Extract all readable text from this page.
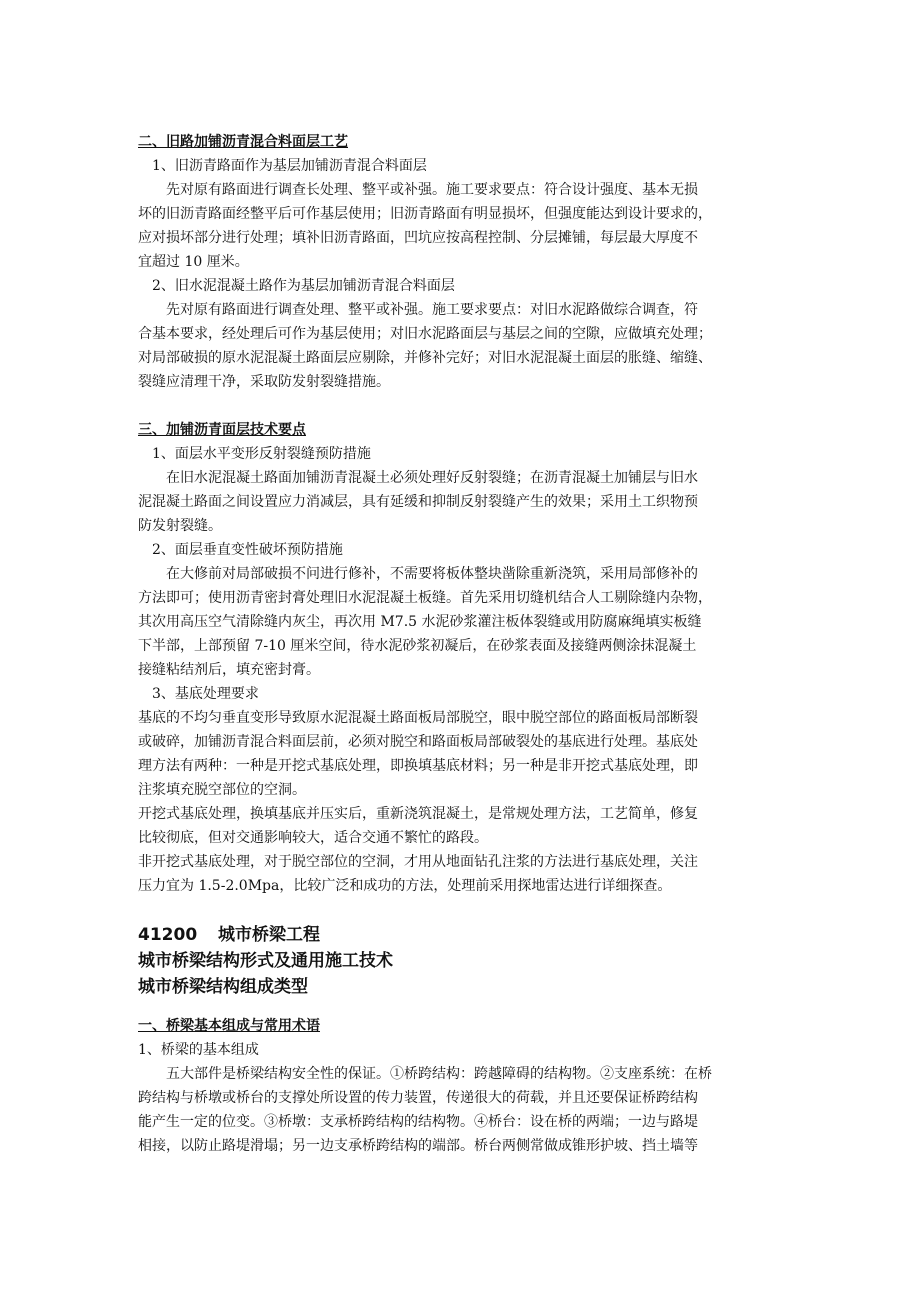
二、旧路加铺沥青混合料面层工艺
1、旧沥青路面作为基层加铺沥青混合料面层
先对原有路面进行调查长处理、整平或补强。施工要求要点：符合设计强度、基本无损
坏的旧沥青路面经整平后可作基层使用；旧沥青路面有明显损坏，但强度能达到设计要求的，
应对损坏部分进行处理；填补旧沥青路面，凹坑应按高程控制、分层摊铺，每层最大厚度不
宜超过 10 厘米。
2、旧水泥混凝土路作为基层加铺沥青混合料面层
先对原有路面进行调查处理、整平或补强。施工要求要点：对旧水泥路做综合调查，符
合基本要求，经处理后可作为基层使用；对旧水泥路面层与基层之间的空隙，应做填充处理；
对局部破损的原水泥混凝土路面层应剔除，并修补完好；对旧水泥混凝土面层的胀缝、缩缝、
裂缝应清理干净，采取防发射裂缝措施。
三、加铺沥青面层技术要点
1、面层水平变形反射裂缝预防措施
在旧水泥混凝土路面加铺沥青混凝土必须处理好反射裂缝；在沥青混凝土加铺层与旧水
泥混凝土路面之间设置应力消减层，具有延缓和抑制反射裂缝产生的效果；采用土工织物预
防发射裂缝。
2、面层垂直变性破坏预防措施
在大修前对局部破损不问进行修补，不需要将板体整块凿除重新浇筑，采用局部修补的
方法即可；使用沥青密封膏处理旧水泥混凝土板缝。首先采用切缝机结合人工剔除缝内杂物，
其次用高压空气清除缝内灰尘，再次用 M7.5 水泥砂浆灌注板体裂缝或用防腐麻绳填实板缝
下半部，上部预留 7-10 厘米空间，待水泥砂浆初凝后，在砂浆表面及接缝两侧涂抹混凝土
接缝粘结剂后，填充密封膏。
3、基底处理要求
基底的不均匀垂直变形导致原水泥混凝土路面板局部脱空，眼中脱空部位的路面板局部断裂
或破碎，加铺沥青混合料面层前，必须对脱空和路面板局部破裂处的基底进行处理。基底处
理方法有两种：一种是开挖式基底处理，即换填基底材料；另一种是非开挖式基底处理，即
注浆填充脱空部位的空洞。
开挖式基底处理，换填基底并压实后，重新浇筑混凝土，是常规处理方法，工艺简单，修复
比较彻底，但对交通影响较大，适合交通不繁忙的路段。
非开挖式基底处理，对于脱空部位的空洞，才用从地面钻孔注浆的方法进行基底处理，关注
压力宜为 1.5-2.0Mpa，比较广泛和成功的方法，处理前采用探地雷达进行详细探查。
41200 城市桥梁工程
城市桥梁结构形式及通用施工技术
城市桥梁结构组成类型
一、桥梁基本组成与常用术语
1、桥梁的基本组成
五大部件是桥梁结构安全性的保证。①桥跨结构：跨越障碍的结构物。②支座系统：在桥
跨结构与桥墩或桥台的支撑处所设置的传力装置，传递很大的荷载，并且还要保证桥跨结构
能产生一定的位变。③桥墩：支承桥跨结构的结构物。④桥台：设在桥的两端；一边与路堤
相接，以防止路堤滑塌；另一边支承桥跨结构的端部。桥台两侧常做成锥形护坡、挡土墙等
